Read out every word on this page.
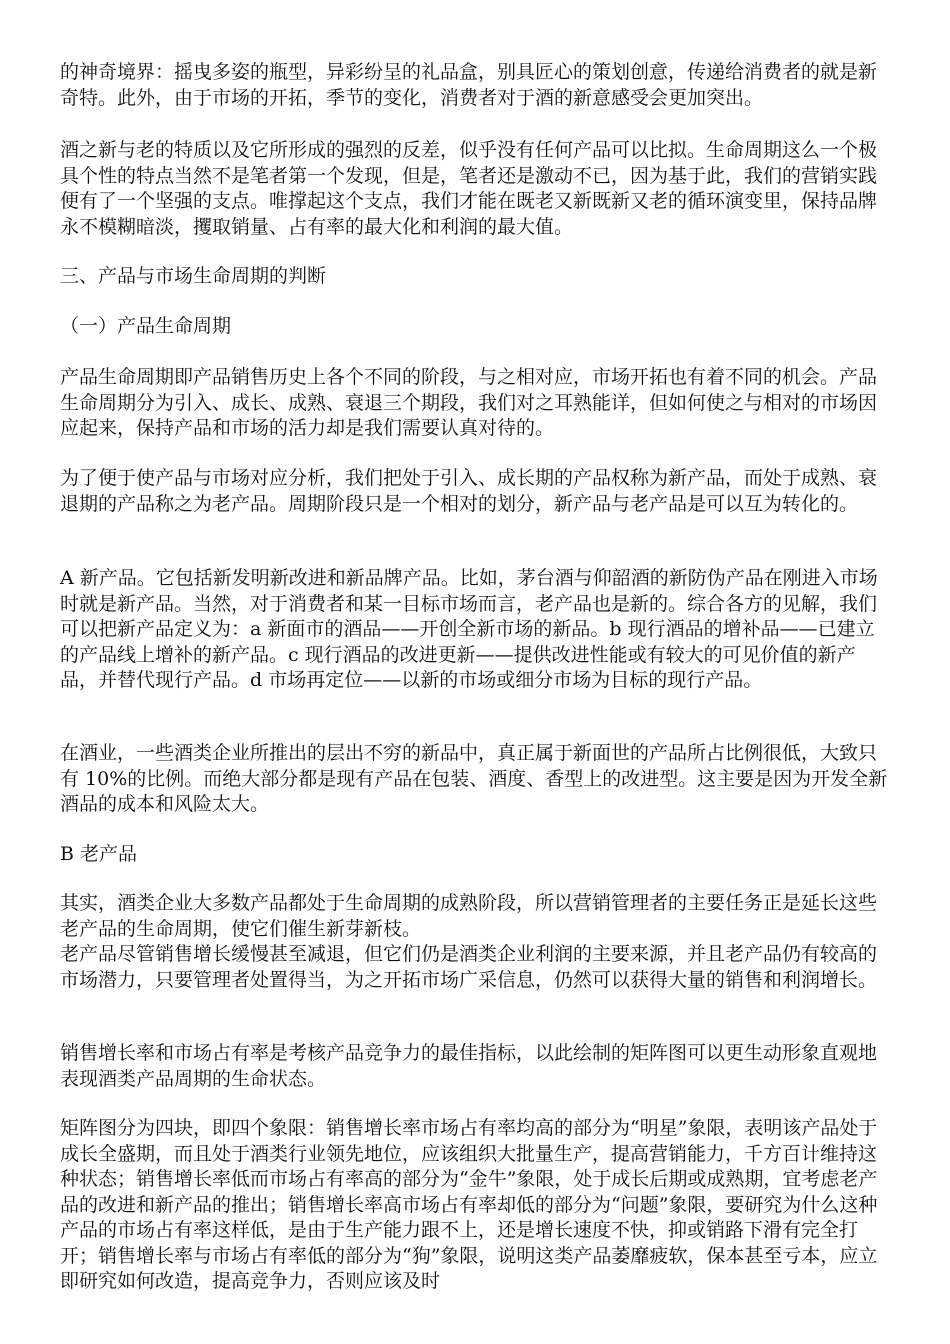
的神奇境界：摇曳多姿的瓶型，异彩纷呈的礼品盒，别具匠心的策划创意，传递给消费者的就是新奇特。此外，由于市场的开拓，季节的变化，消费者对于酒的新意感受会更加突出。

酒之新与老的特质以及它所形成的强烈的反差，似乎没有任何产品可以比拟。生命周期这么一个极具个性的特点当然不是笔者第一个发现，但是，笔者还是激动不已，因为基于此，我们的营销实践便有了一个坚强的支点。唯撑起这个支点，我们才能在既老又新既新又老的循环演变里，保持品牌永不模糊暗淡，攫取销量、占有率的最大化和利润的最大值。

三、产品与市场生命周期的判断

（一）产品生命周期

产品生命周期即产品销售历史上各个不同的阶段，与之相对应，市场开拓也有着不同的机会。产品生命周期分为引入、成长、成熟、衰退三个期段，我们对之耳熟能详，但如何使之与相对的市场因应起来，保持产品和市场的活力却是我们需要认真对待的。

为了便于使产品与市场对应分析，我们把处于引入、成长期的产品权称为新产品，而处于成熟、衰退期的产品称之为老产品。周期阶段只是一个相对的划分，新产品与老产品是可以互为转化的。

A 新产品。它包括新发明新改进和新品牌产品。比如，茅台酒与仰韶酒的新防伪产品在刚进入市场时就是新产品。当然，对于消费者和某一目标市场而言，老产品也是新的。综合各方的见解，我们可以把新产品定义为：a 新面市的酒品——开创全新市场的新品。b 现行酒品的增补品——已建立的产品线上增补的新产品。c 现行酒品的改进更新——提供改进性能或有较大的可见价值的新产品，并替代现行产品。d 市场再定位——以新的市场或细分市场为目标的现行产品。

在酒业，一些酒类企业所推出的层出不穷的新品中，真正属于新面世的产品所占比例很低，大致只有 10%的比例。而绝大部分都是现有产品在包装、酒度、香型上的改进型。这主要是因为开发全新酒品的成本和风险太大。

B 老产品

其实，酒类企业大多数产品都处于生命周期的成熟阶段，所以营销管理者的主要任务正是延长这些老产品的生命周期，使它们催生新芽新枝。

老产品尽管销售增长缓慢甚至减退，但它们仍是酒类企业利润的主要来源，并且老产品仍有较高的市场潜力，只要管理者处置得当，为之开拓市场广采信息，仍然可以获得大量的销售和利润增长。

销售增长率和市场占有率是考核产品竞争力的最佳指标，以此绘制的矩阵图可以更生动形象直观地表现酒类产品周期的生命状态。

矩阵图分为四块，即四个象限：销售增长率市场占有率均高的部分为“明星”象限，表明该产品处于成长全盛期，而且处于酒类行业领先地位，应该组织大批量生产，提高营销能力，千方百计维持这种状态；销售增长率低而市场占有率高的部分为“金牛”象限，处于成长后期或成熟期，宜考虑老产品的改进和新产品的推出；销售增长率高市场占有率却低的部分为“问题”象限，要研究为什么这种产品的市场占有率这样低，是由于生产能力跟不上，还是增长速度不快，抑或销路下滑有完全打开；销售增长率与市场占有率低的部分为“狗”象限，说明这类产品萎靡疲软，保本甚至亏本，应立即研究如何改造，提高竞争力，否则应该及时
